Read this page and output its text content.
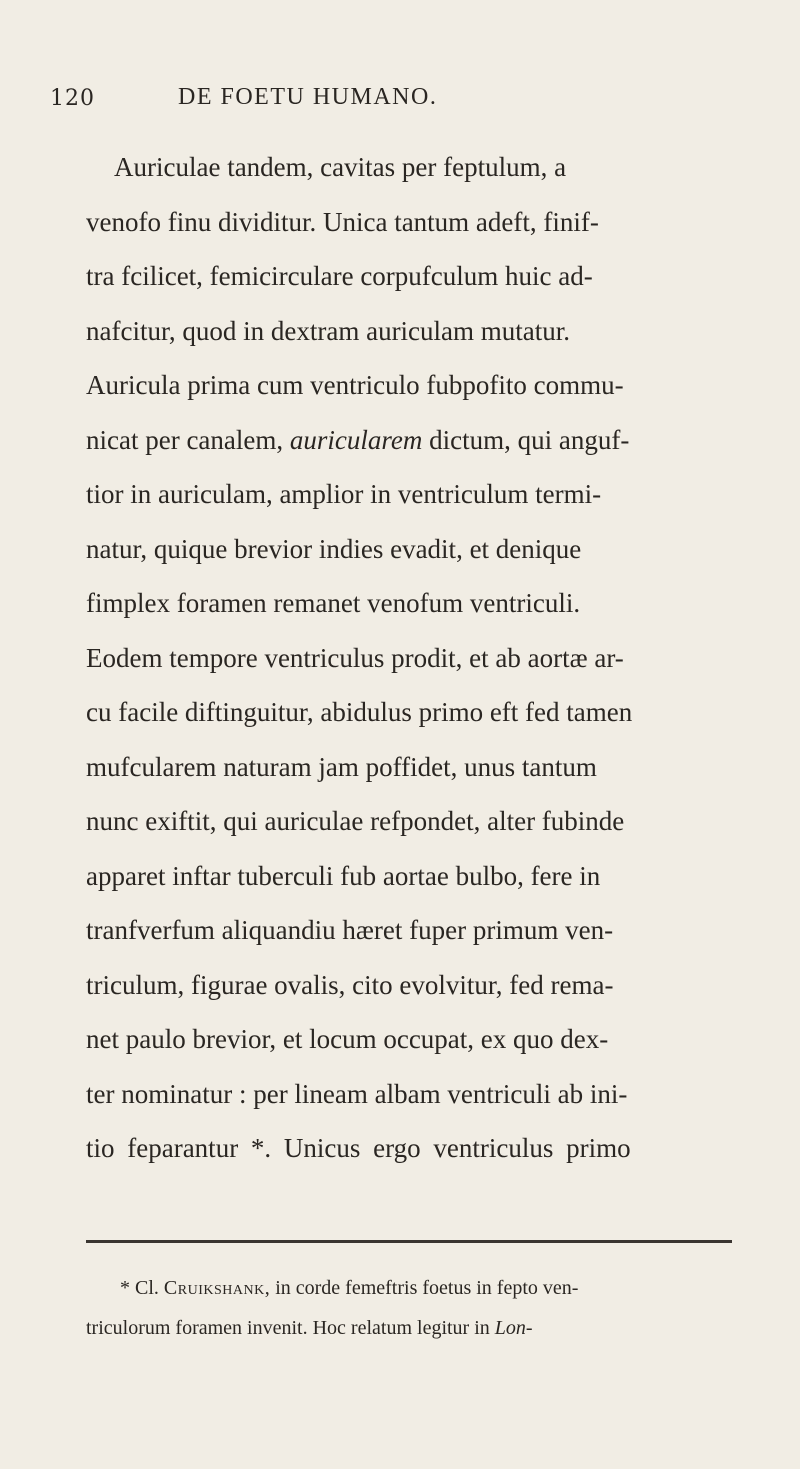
120	DE FOETU HUMANO.
Auriculae tandem, cavitas per feptulum, a
venofo finu dividitur. Unica tantum adeft, finif-
tra fcilicet, femicirculare corpufculum huic ad-
nafcitur, quod in dextram auriculam mutatur.
Auricula prima cum ventriculo fubpofito commu-
nicat per canalem,
auricularem
dictum, qui anguf-
tior in auriculam, amplior in ventriculum termi-
natur, quique brevior indies evadit, et denique
fimplex foramen remanet venofum ventriculi.
Eodem tempore ventriculus prodit, et ab aortæ ar-
cu facile diftinguitur, abidulus primo eft fed tamen
mufcularem naturam jam poffidet, unus tantum
nunc exiftit, qui auriculae refpondet, alter fubinde
apparet inftar tuberculi fub aortae bulbo, fere in
tranfverfum aliquandiu hæret fuper primum ven-
triculum, figurae ovalis, cito evolvitur, fed rema-
net paulo brevior, et locum occupat, ex quo dex-
ter nominatur : per lineam albam ventriculi ab ini-
tio feparantur *. Unicus ergo ventriculus primo
* Cl. Cruikshank, in corde femeftris foetus in fepto ven-
triculorum foramen invenit. Hoc relatum legitur in Lon-
